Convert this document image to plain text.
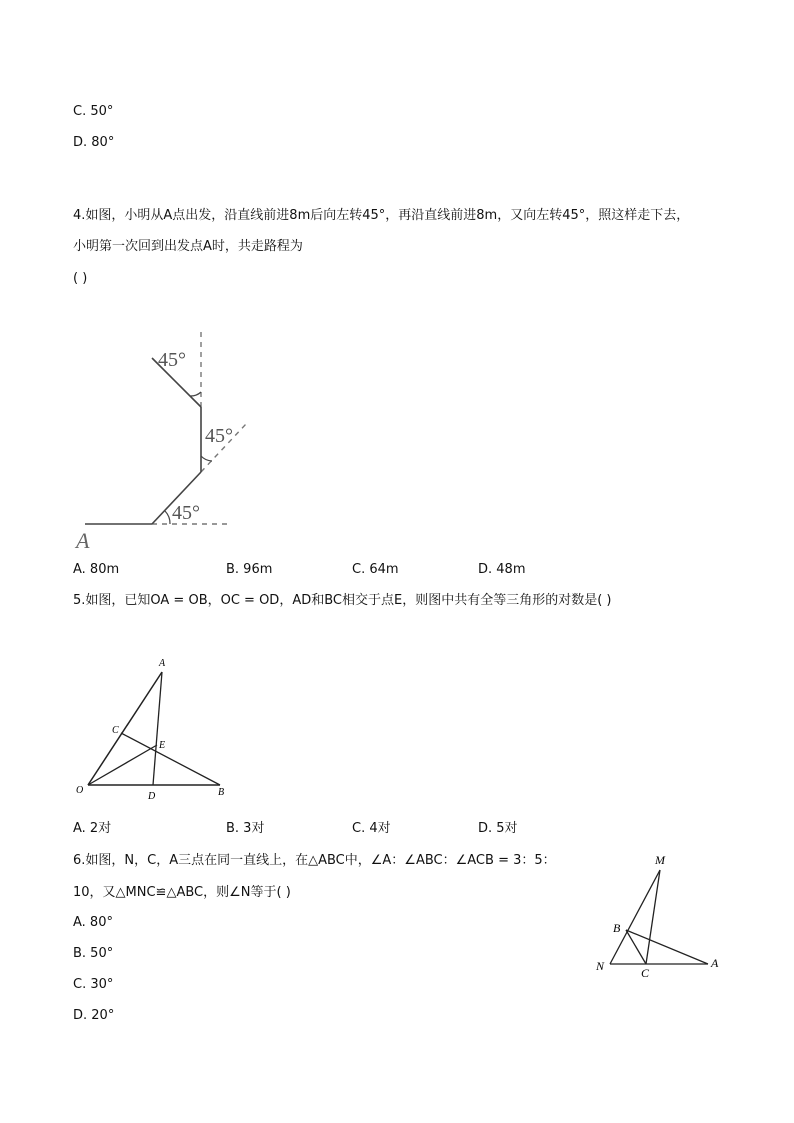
C. 50°
D. 80°
4.如图，小明从A点出发，沿直线前进8m后向左转45°，再沿直线前进8m，又向左转45°，照这样走下去，
小明第一次回到出发点A时，共走路程为
( )
45°
45°
45°
A
A. 80m	B. 96m	C. 64m	D. 48m
5.如图，已知OA = OB，OC = OD，AD和BC相交于点E，则图中共有全等三角形的对数是( )
A
C
E
O
D	B
A. 2对	B. 3对	C. 4对	D. 5对
6.如图，N，C，A三点在同一直线上，在△ABC中，∠A：∠ABC：∠ACB = 3：5：
10，又△MNC≌△ABC，则∠N等于( )
M
B
N	C
A
A. 80°
B. 50°
C. 30°
D. 20°
